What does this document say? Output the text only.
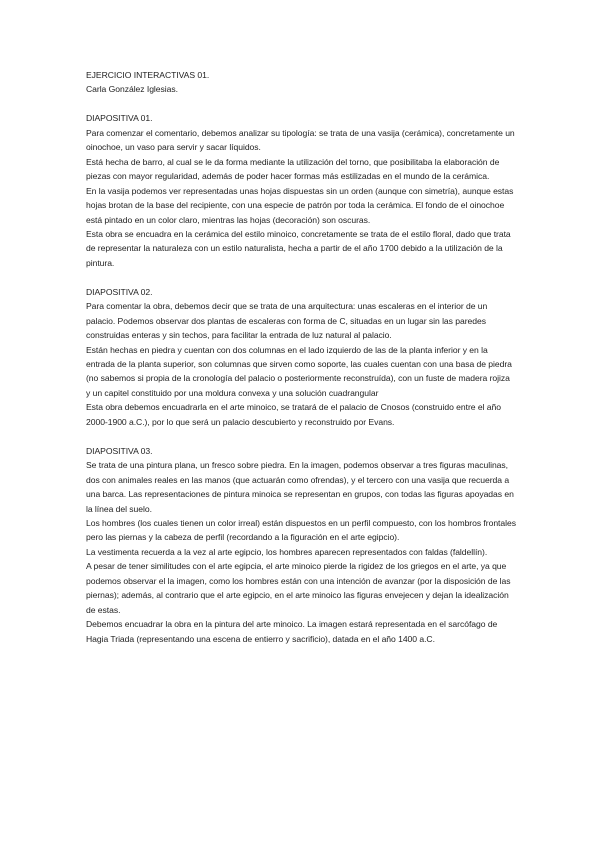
EJERCICIO INTERACTIVAS 01.

Carla González Iglesias.

DIAPOSITIVA 01.

Para comenzar el comentario, debemos analizar su tipología: se trata de una vasija (cerámica), concretamente un oinochoe, un vaso para servir y sacar líquidos.

Está hecha de barro, al cual se le da forma mediante la utilización del torno, que posibilitaba la elaboración de piezas con mayor regularidad, además de poder hacer formas más estilizadas en el mundo de la cerámica.

En la vasija podemos ver representadas unas hojas dispuestas sin un orden (aunque con simetría), aunque estas hojas brotan de la base del recipiente, con una especie de patrón por toda la cerámica. El fondo de el oinochoe está pintado en un color claro, mientras las hojas (decoración) son oscuras.

Esta obra se encuadra en la cerámica del estilo minoico, concretamente se trata de el estilo floral, dado que trata de representar la naturaleza con un estilo naturalista, hecha a partir de el año 1700 debido a la utilización de la pintura.

DIAPOSITIVA 02.

Para comentar la obra, debemos decir que se trata de una arquitectura: unas escaleras en el interior de un palacio. Podemos observar dos plantas de escaleras con forma de C, situadas en un lugar sin las paredes construidas enteras y sin techos, para facilitar la entrada de luz natural al palacio.

Están hechas en piedra y cuentan con dos columnas en el lado izquierdo de las de la planta inferior y en la entrada de la planta superior, son columnas que sirven como soporte, las cuales cuentan con una basa de piedra (no sabemos si propia de la cronología del palacio o posteriormente reconstruída), con un fuste de madera rojiza y un capitel constituido por una moldura convexa y una solución cuadrangular

Esta obra debemos encuadrarla en el arte minoico, se tratará de el palacio de Cnosos (construido entre el año 2000-1900 a.C.), por lo que será un palacio descubierto y reconstruido por Evans.

DIAPOSITIVA 03.

Se trata de una pintura plana, un fresco sobre piedra. En la imagen, podemos observar a tres figuras maculinas, dos con animales reales en las manos (que actuarán como ofrendas), y el tercero con una vasija que recuerda a una barca. Las representaciones de pintura minoica se representan en grupos, con todas las figuras apoyadas en la línea del suelo.

Los hombres (los cuales tienen un color irreal) están dispuestos en un perfil compuesto, con los hombros frontales pero las piernas y la cabeza de perfil (recordando a la figuración en el arte egipcio).

La vestimenta recuerda a la vez al arte egipcio, los hombres aparecen representados con faldas (faldellín).

A pesar de tener similitudes con el arte egipcia, el arte minoico pierde la rigidez de los griegos en el arte, ya que podemos observar el la imagen, como los hombres están con una intención de avanzar (por la disposición de las piernas); además, al contrario que el arte egipcio, en el arte minoico las figuras envejecen y dejan la idealización de estas.

Debemos encuadrar la obra en la pintura del arte minoico. La imagen estará representada en el sarcófago de Hagia Triada (representando una escena de entierro y sacrificio), datada en el año 1400 a.C.
